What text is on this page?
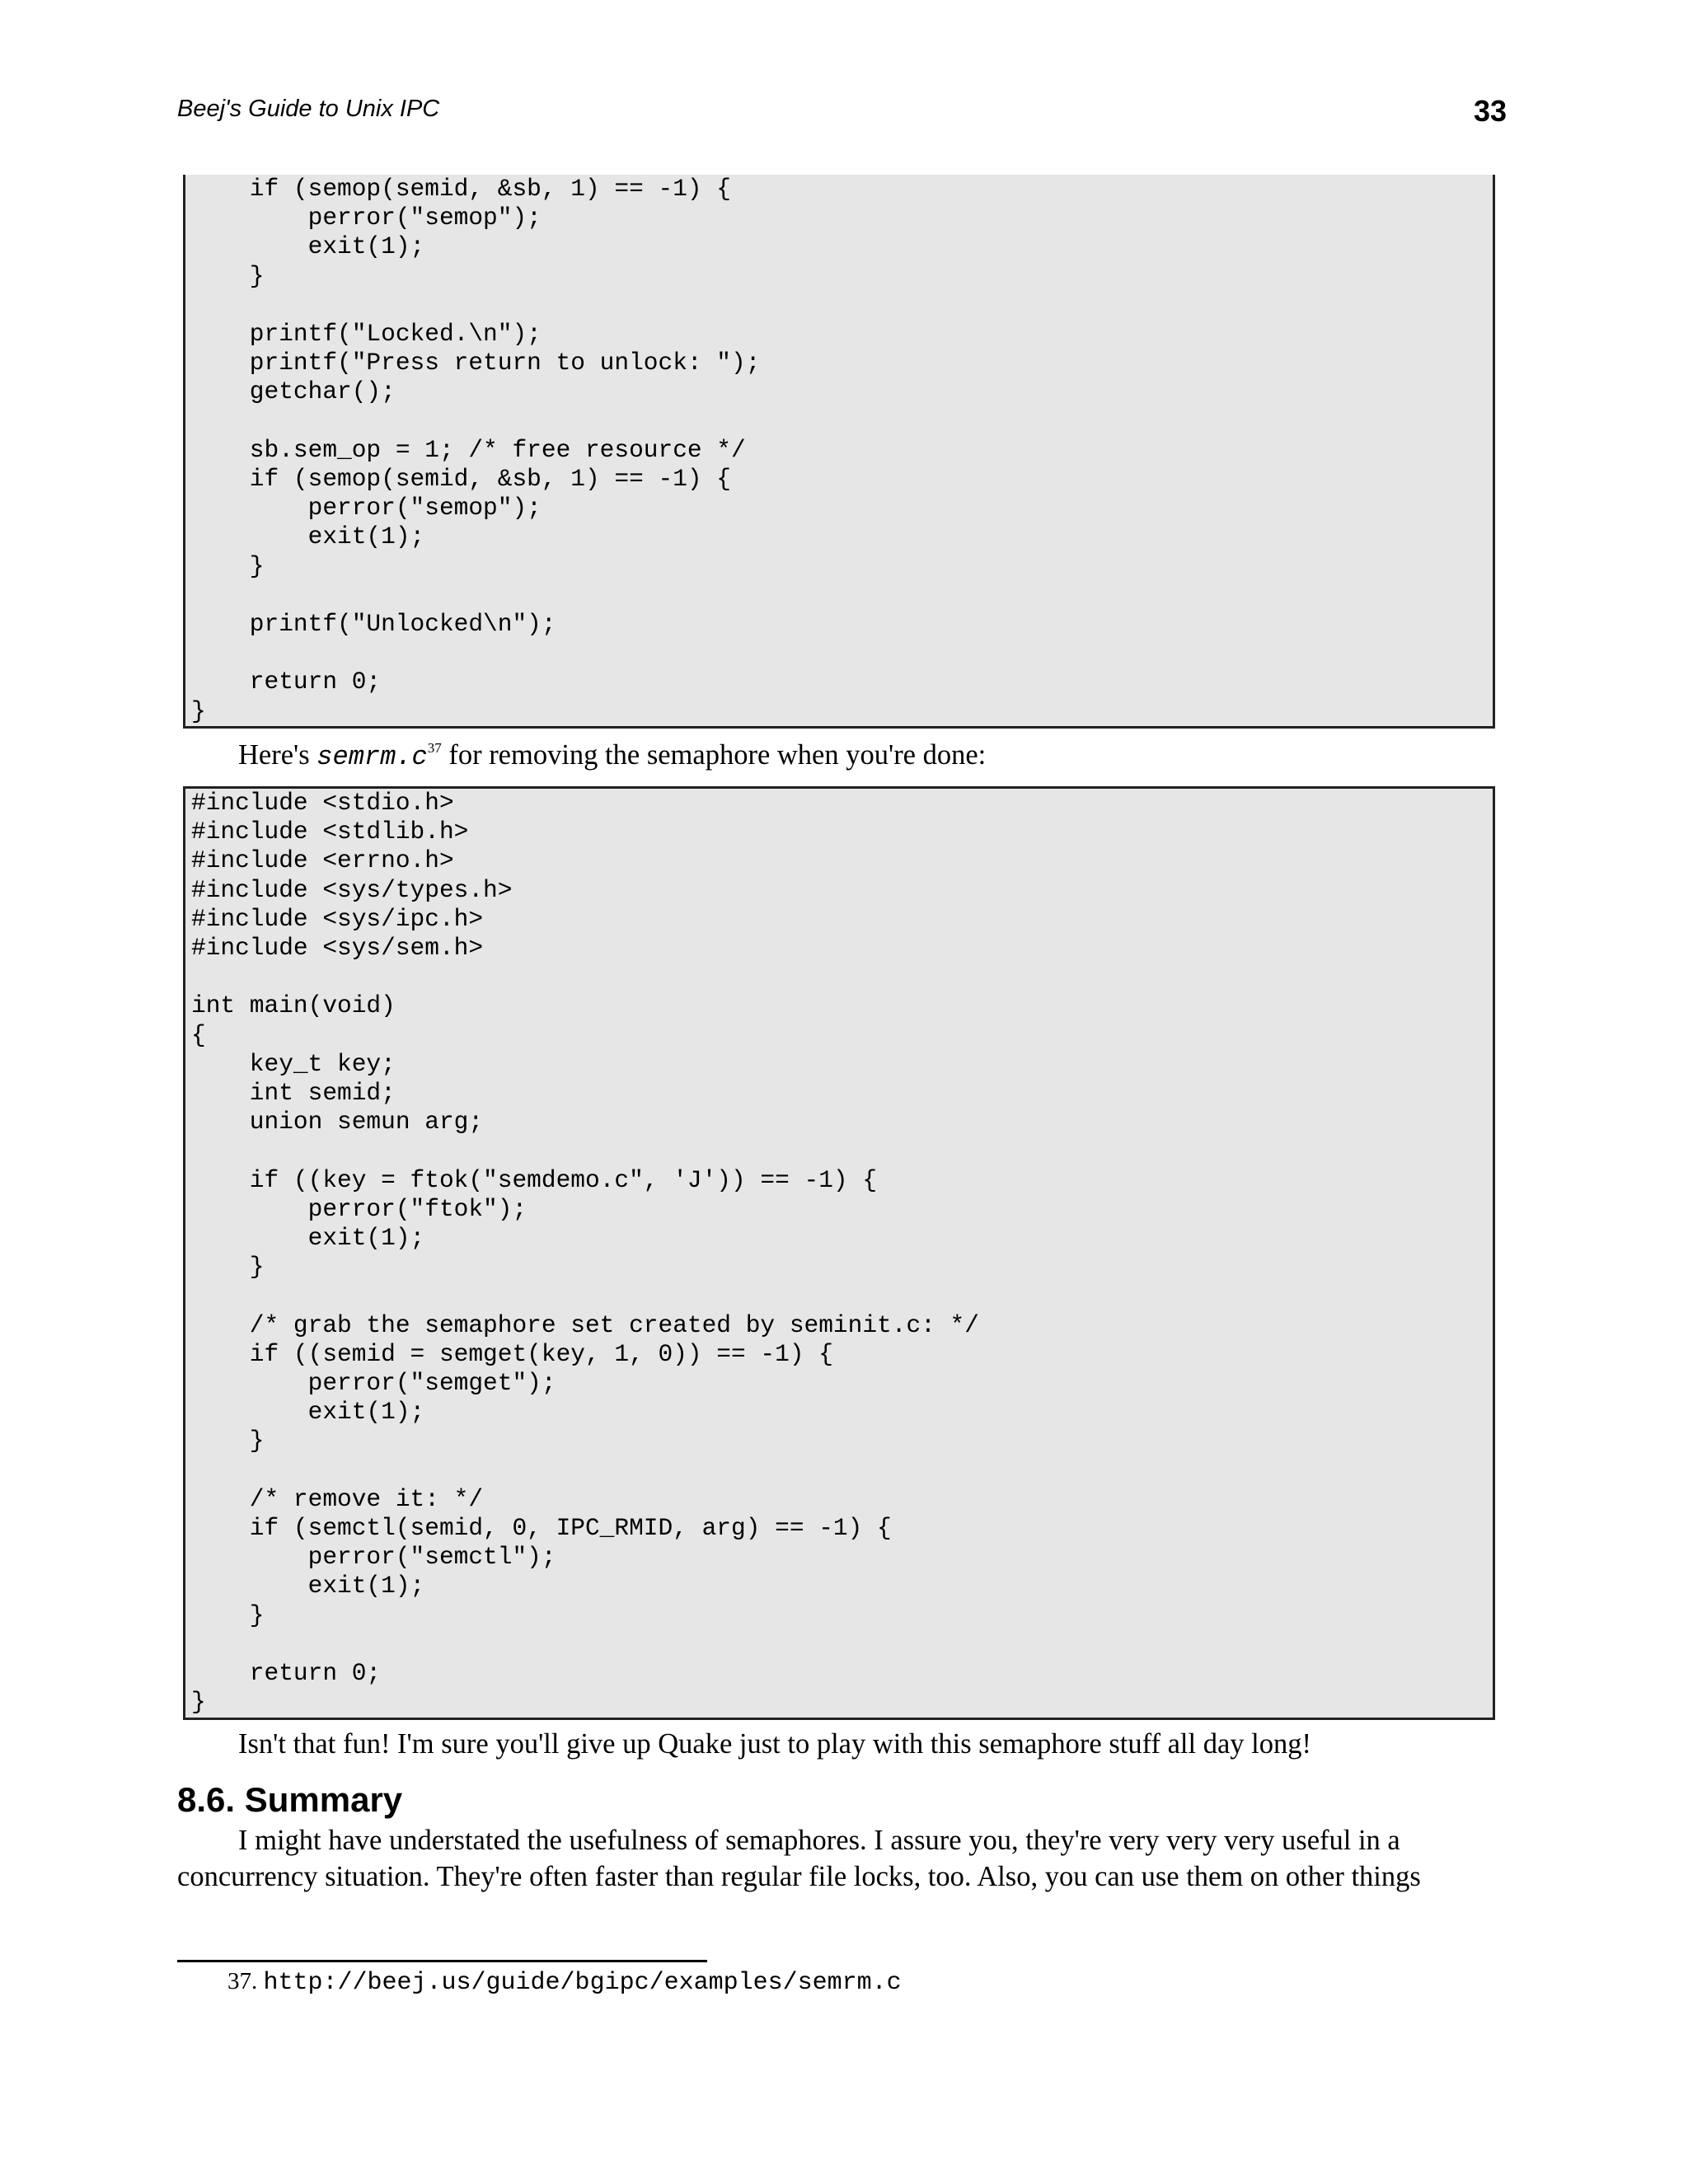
Beej's Guide to Unix IPC	33
if (semop(semid, &sb, 1) == -1) {
perror("semop");
exit(1);
}

printf("Locked.\n");
printf("Press return to unlock: ");
getchar();

sb.sem_op = 1; /* free resource */
if (semop(semid, &sb, 1) == -1) {
perror("semop");
exit(1);
}

printf("Unlocked\n");

return 0;
}

Here's semrm.c$^{37}$ for removing the semaphore when you're done:

#include <stdio.h>
#include <stdlib.h>
#include <errno.h>
#include <sys/types.h>
#include <sys/ipc.h>
#include <sys/sem.h>

int main(void)
{
key_t key;
int semid;
union semun arg;

if ((key = ftok("semdemo.c", 'J')) == -1) {
perror("ftok");
exit(1);
}

/* grab the semaphore set created by seminit.c: */
if ((semid = semget(key, 1, 0)) == -1) {
perror("semget");
exit(1);
}

/* remove it: */
if (semctl(semid, 0, IPC_RMID, arg) == -1) {
perror("semctl");
exit(1);
}

return 0;
}

Isn't that fun! I'm sure you'll give up Quake just to play with this semaphore stuff all day long!

8.6. Summary

I might have understated the usefulness of semaphores. I assure you, they're very very very useful in a concurrency situation. They're often faster than regular file locks, too. Also, you can use them on other things

37. http://beej.us/guide/bgipc/examples/semrm.c
